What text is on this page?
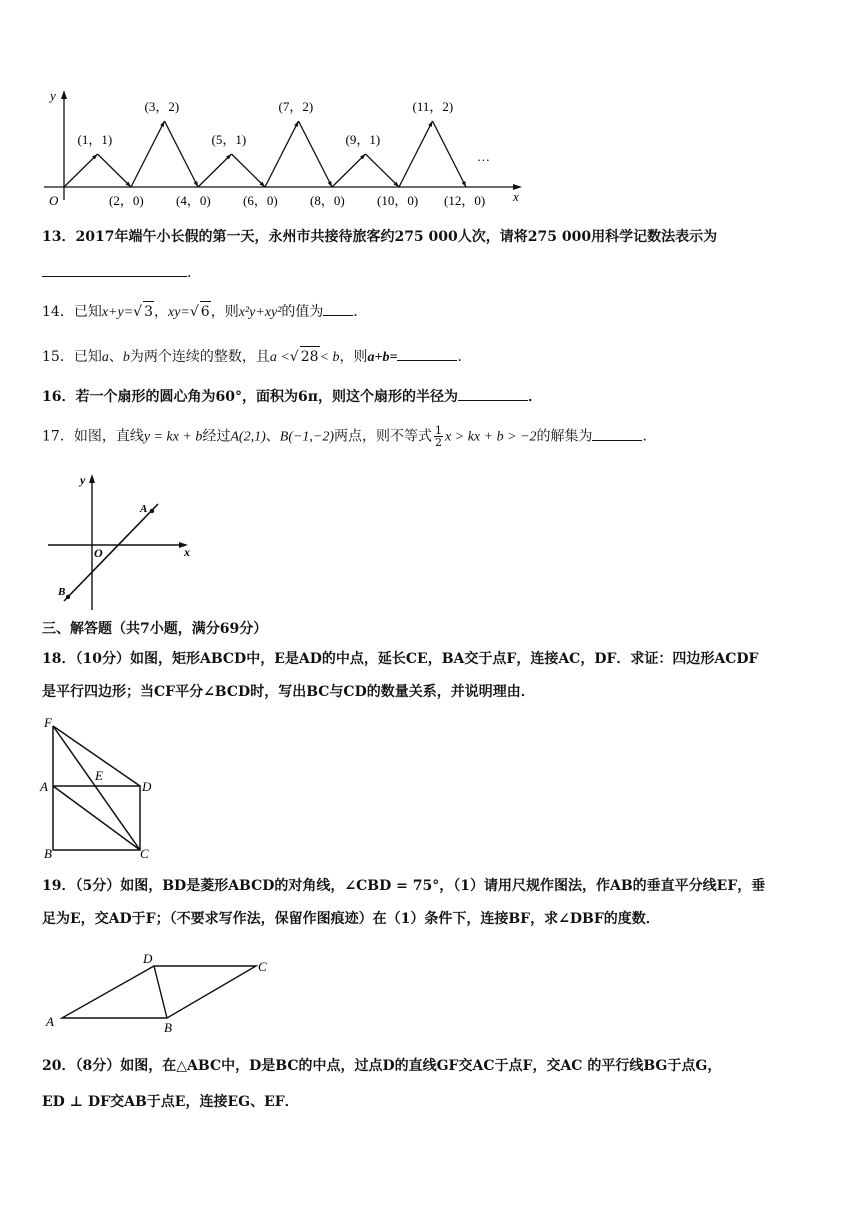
(1，1)
(3，2)
(5，1)
(7，2)
(9，1)
(11，2)
(2，0) (4，0) (6，0) (8，0) (10，0) (12，0)
y
x
O
…
13．2017年端午小长假的第一天，永州市共接待旅客约275 000人次，请将275 000用科学记数法表示为
．
14．已知x+y=√ 3，xy=√ 6，则x²y+xy²的值为 ．
15．已知a、b为两个连续的整数，且a <√ 28< b，则a+b=	．
16．若一个扇形的圆心角为60°，面积为6π，则这个扇形的半径为	．
17．如图，直线y = kx + b经过A(2,1)、B(−1,−2)两点，则不等式 $\frac{1}{2}$ x > kx + b > −2的解集为	．
y
x
O
A
B
三、解答题（共7小题，满分69分）
18．（10分）如图，矩形ABCD中，E是AD的中点，延长CE，BA交于点F，连接AC，DF．求证：四边形ACDF
是平行四边形；当CF平分∠BCD时，写出BC与CD的数量关系，并说明理由．
F
A
E
D
B	C
19．（5分）如图，BD是菱形ABCD的对角线，∠CBD = 75°，（1）请用尺规作图法，作AB的垂直平分线EF，垂
足为E，交AD于F；（不要求写作法，保留作图痕迹）在（1）条件下，连接BF，求∠DBF的度数．
A	B
C
D
20．（8分）如图，在△ABC中，D是BC的中点，过点D的直线GF交AC于点F，交AC 的平行线BG于点G，
ED ⊥ DF交AB于点E，连接EG、EF．
